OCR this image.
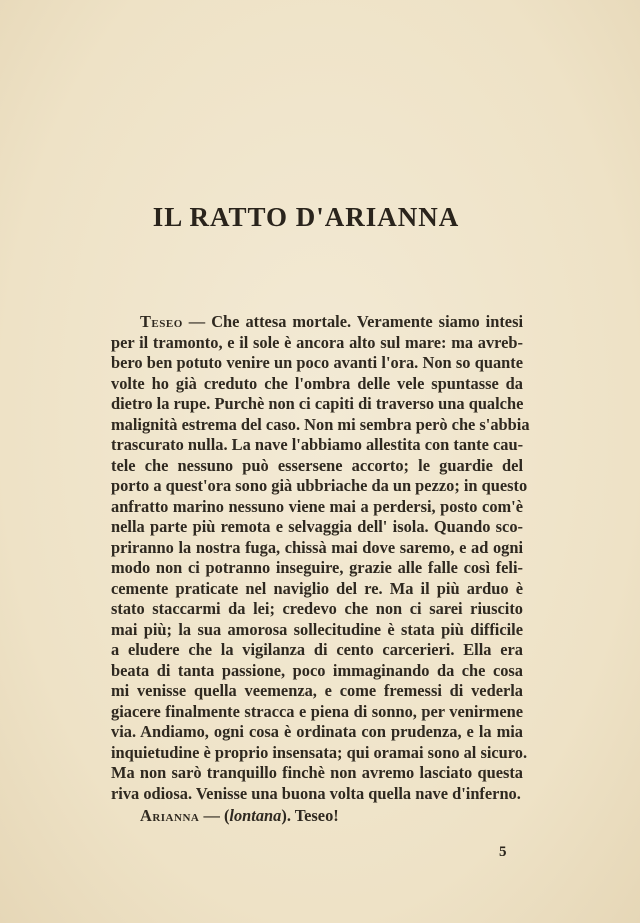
IL RATTO D'ARIANNA
Teseo — Che attesa mortale. Veramente siamo intesi
per il tramonto, e il sole è ancora alto sul mare: ma avreb-
bero ben potuto venire un poco avanti l'ora. Non so quante
volte ho già creduto che l'ombra delle vele spuntasse da
dietro la rupe. Purchè non ci capiti di traverso una qualche
malignità estrema del caso. Non mi sembra però che s'abbia
trascurato nulla. La nave l'abbiamo allestita con tante cau-
tele che nessuno può essersene accorto; le guardie del
porto a quest'ora sono già ubbriache da un pezzo; in questo
anfratto marino nessuno viene mai a perdersi, posto com'è
nella parte più remota e selvaggia dell' isola. Quando sco-
priranno la nostra fuga, chissà mai dove saremo, e ad ogni
modo non ci potranno inseguire, grazie alle falle così feli-
cemente praticate nel naviglio del re. Ma il più arduo è
stato staccarmi da lei; credevo che non ci sarei riuscito
mai più; la sua amorosa sollecitudine è stata più difficile
a eludere che la vigilanza di cento carcerieri. Ella era
beata di tanta passione, poco immaginando da che cosa
mi venisse quella veemenza, e come fremessi di vederla
giacere finalmente stracca e piena di sonno, per venirmene
via. Andiamo, ogni cosa è ordinata con prudenza, e la mia
inquietudine è proprio insensata; qui oramai sono al sicuro.
Ma non sarò tranquillo finchè non avremo lasciato questa
riva odiosa. Venisse una buona volta quella nave d'inferno.
Arianna — (lontana). Teseo!
5
